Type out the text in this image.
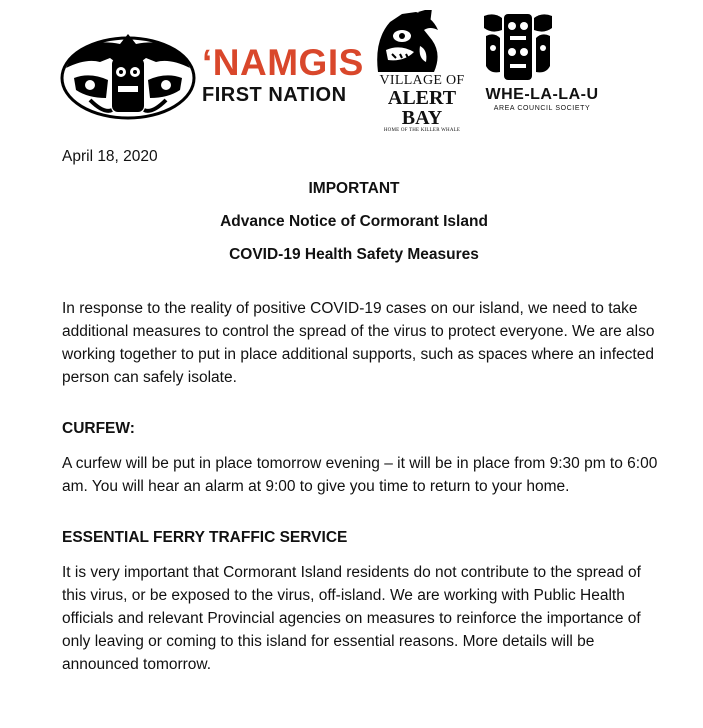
‘NAMGIS
FIRST NATION
VILLAGE OF
ALERT BAY
HOME OF THE KILLER WHALE
WHE-LA-LA-U
AREA COUNCIL SOCIETY

April 18, 2020

IMPORTANT

Advance Notice of Cormorant Island

COVID-19 Health Safety Measures

In response to the reality of positive COVID-19 cases on our island, we need to take additional measures to control the spread of the virus to protect everyone. We are also working together to put in place additional supports, such as spaces where an infected person can safely isolate.

CURFEW:

A curfew will be put in place tomorrow evening – it will be in place from 9:30 pm to 6:00 am. You will hear an alarm at 9:00 to give you time to return to your home.

ESSENTIAL FERRY TRAFFIC SERVICE

It is very important that Cormorant Island residents do not contribute to the spread of this virus, or be exposed to the virus, off-island. We are working with Public Health officials and relevant Provincial agencies on measures to reinforce the importance of only leaving or coming to this island for essential reasons. More details will be announced tomorrow.
